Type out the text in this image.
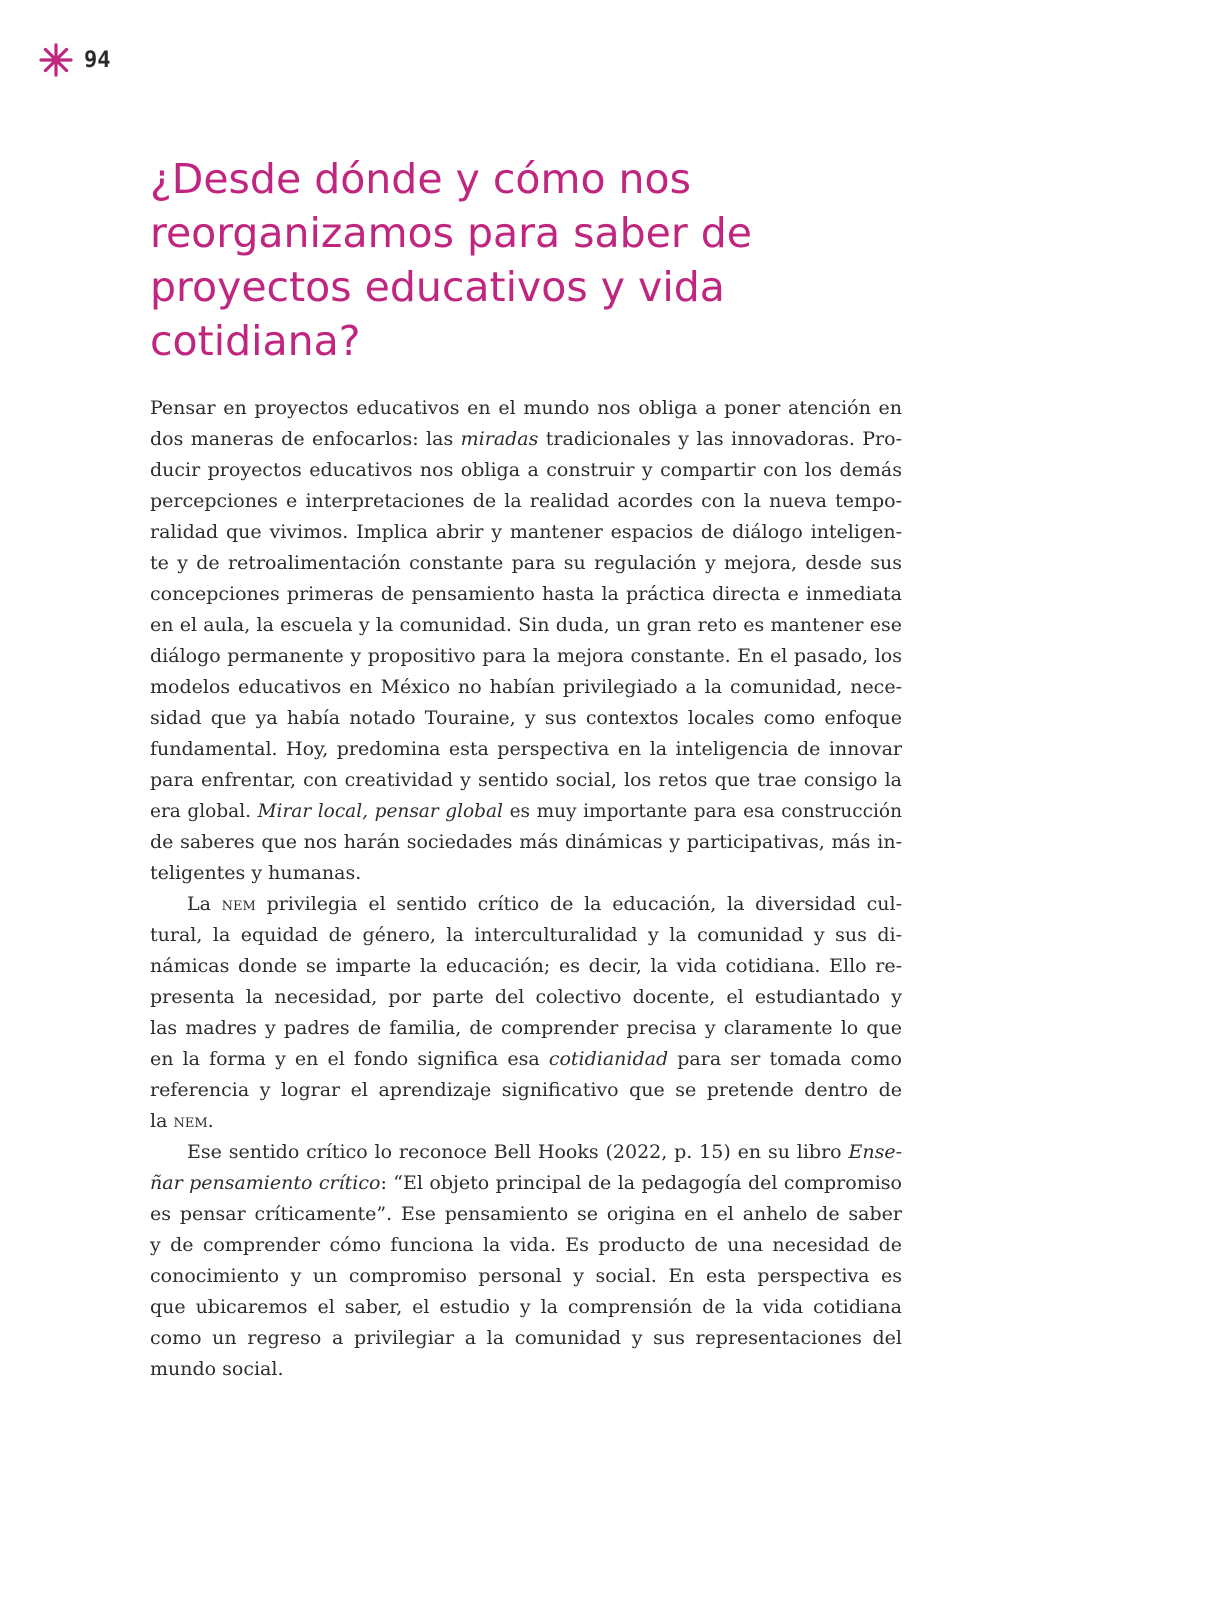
94
¿Desde dónde y cómo nos
reorganizamos para saber de
proyectos educativos y vida
cotidiana?
Pensar en proyectos educativos en el mundo nos obliga a poner atención en
dos maneras de enfocarlos: las miradas tradicionales y las innovadoras. Pro-
ducir proyectos educativos nos obliga a construir y compartir con los demás
percepciones e interpretaciones de la realidad acordes con la nueva tempo-
ralidad que vivimos. Implica abrir y mantener espacios de diálogo inteligen-
te y de retroalimentación constante para su regulación y mejora, desde sus
concepciones primeras de pensamiento hasta la práctica directa e inmediata
en el aula, la escuela y la comunidad. Sin duda, un gran reto es mantener ese
diálogo permanente y propositivo para la mejora constante. En el pasado, los
modelos educativos en México no habían privilegiado a la comunidad, nece-
sidad que ya había notado Touraine, y sus contextos locales como enfoque
fundamental. Hoy, predomina esta perspectiva en la inteligencia de innovar
para enfrentar, con creatividad y sentido social, los retos que trae consigo la
era global. Mirar local, pensar global es muy importante para esa construcción
de saberes que nos harán sociedades más dinámicas y participativas, más in-
teligentes y humanas.
La nem privilegia el sentido crítico de la educación, la diversidad cul-
tural, la equidad de género, la interculturalidad y la comunidad y sus di-
námicas donde se imparte la educación; es decir, la vida cotidiana. Ello re-
presenta la necesidad, por parte del colectivo docente, el estudiantado y
las madres y padres de familia, de comprender precisa y claramente lo que
en la forma y en el fondo significa esa cotidianidad para ser tomada como
referencia y lograr el aprendizaje significativo que se pretende dentro de
la nem.
Ese sentido crítico lo reconoce Bell Hooks (2022, p. 15) en su libro Ense-
ñar pensamiento crítico: “El objeto principal de la pedagogía del compromiso
es pensar críticamente”. Ese pensamiento se origina en el anhelo de saber
y de comprender cómo funciona la vida. Es producto de una necesidad de
conocimiento y un compromiso personal y social. En esta perspectiva es
que ubicaremos el saber, el estudio y la comprensión de la vida cotidiana
como un regreso a privilegiar a la comunidad y sus representaciones del
mundo social.
